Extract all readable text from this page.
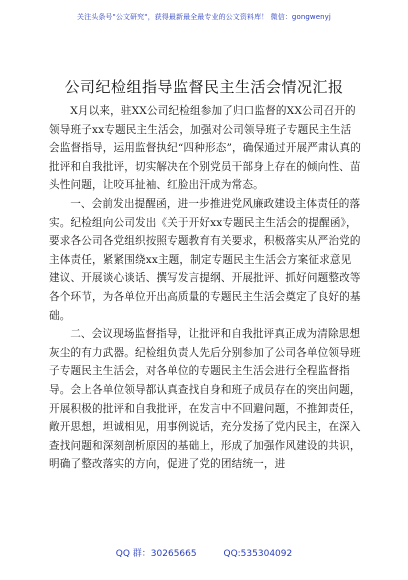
关注头条号"公文研究"，获得最新最全最专业的公文资料库！ 微信：gongwenyj
公司纪检组指导监督民主生活会情况汇报

X月以来，驻XX公司纪检组参加了归口监督的XX公司召开的领导班子xx专题民主生活会，加强对公司领导班子专题民主生活会监督指导，运用监督执纪“四种形态”，确保通过开展严肃认真的批评和自我批评，切实解决在个别党员干部身上存在的倾向性、苗头性问题，让咬耳扯袖、红脸出汗成为常态。

一、会前发出提醒函，进一步推进党风廉政建设主体责任的落实。纪检组向公司发出《关于开好xx专题民主生活会的提醒函》，要求各公司各党组织按照专题教育有关要求，积极落实从严治党的主体责任，紧紧围绕xx主题，制定专题民主生活会方案征求意见建议、开展谈心谈话、撰写发言提纲、开展批评、抓好问题整改等各个环节，为各单位开出高质量的专题民主生活会奠定了良好的基础。

二、会议现场监督指导，让批评和自我批评真正成为清除思想灰尘的有力武器。纪检组负责人先后分别参加了公司各单位领导班子专题民主生活会，对各单位的专题民主生活会进行全程监督指导。会上各单位领导都认真查找自身和班子成员存在的突出问题，开展积极的批评和自我批评，在发言中不回避问题，不推卸责任，敞开思想，坦诚相见，用事例说话，充分发扬了党内民主，在深入查找问题和深刻剖析原因的基础上，形成了加强作风建设的共识，明确了整改落实的方向，促进了党的团结统一，进

QQ 群：30265665	QQ:535304092
